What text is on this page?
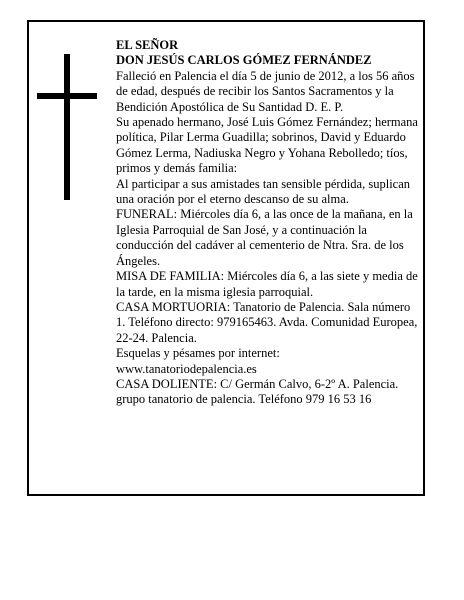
EL SEÑOR

DON JESÚS CARLOS GÓMEZ FERNÁNDEZ

Falleció en Palencia el día 5 de junio de 2012, a los 56 años de edad, después de recibir los Santos Sacramentos y la Bendición Apostólica de Su Santidad D. E. P.

Su apenado hermano, José Luis Gómez Fernández; hermana política, Pilar Lerma Guadilla; sobrinos, David y Eduardo Gómez Lerma, Nadiuska Negro y Yohana Rebolledo; tíos, primos y demás familia:

Al participar a sus amistades tan sensible pérdida, suplican una oración por el eterno descanso de su alma.

FUNERAL: Miércoles día 6, a las once de la mañana, en la Iglesia Parroquial de San José, y a continuación la conducción del cadáver al cementerio de Ntra. Sra. de los Ángeles.

MISA DE FAMILIA: Miércoles día 6, a las siete y media de la tarde, en la misma iglesia parroquial.

CASA MORTUORIA: Tanatorio de Palencia. Sala número 1. Teléfono directo: 979165463. Avda. Comunidad Europea, 22-24. Palencia.

Esquelas y pésames por internet:

www.tanatoriodepalencia.es

CASA DOLIENTE: C/ Germán Calvo, 6-2º A. Palencia.

grupo tanatorio de palencia. Teléfono 979 16 53 16
